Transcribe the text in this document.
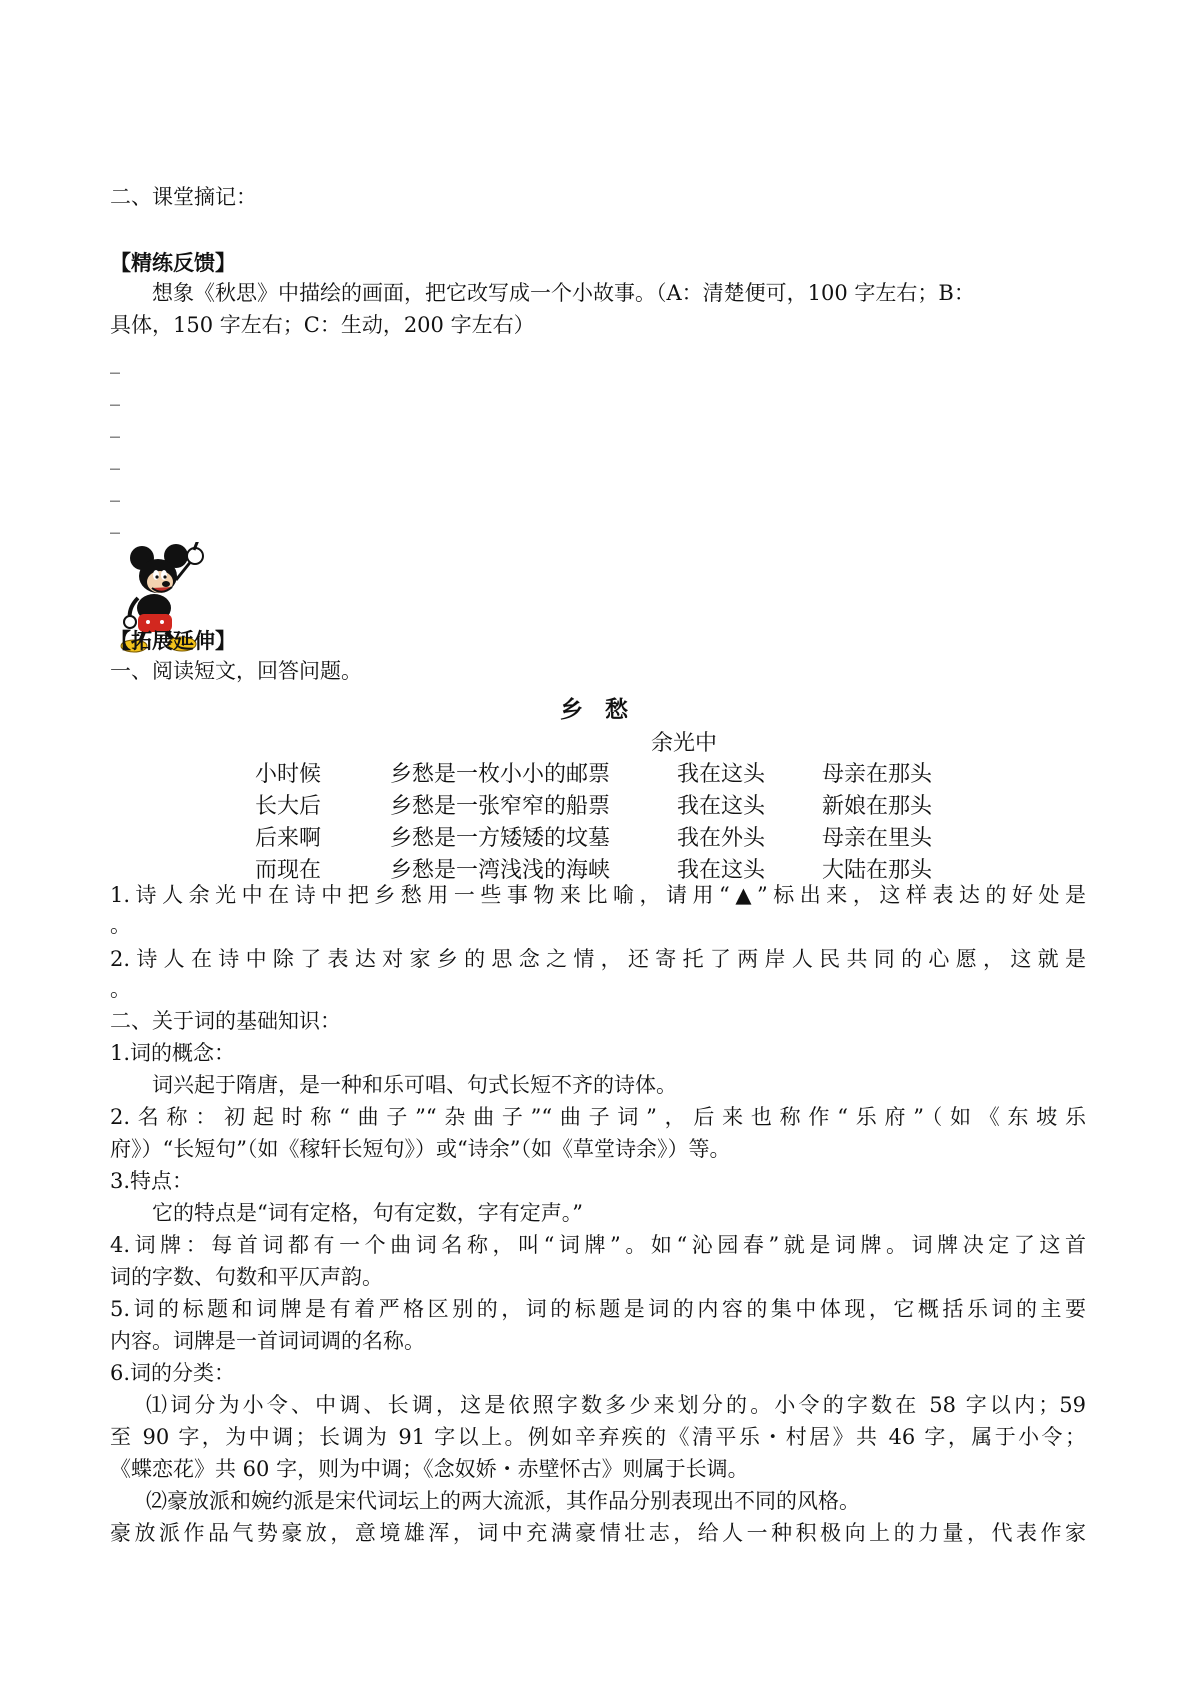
二、课堂摘记：
【精练反馈】
想象《秋思》中描绘的画面，把它改写成一个小故事。（A：清楚便可，100 字左右；B：
具体，150 字左右；C：生动，200 字左右）
_
_
_
_
_
_
【拓展延伸】
一、阅读短文，回答问题。
乡愁
余光中
小时候	乡愁是一枚小小的邮票	我在这头	母亲在那头
长大后	乡愁是一张窄窄的船票	我在这头	新娘在那头
后来啊	乡愁是一方矮矮的坟墓	我在外头	母亲在里头
而现在	乡愁是一湾浅浅的海峡	我在这头	大陆在那头
1.诗人余光中在诗中把乡愁用一些事物来比喻，请用“▲”标出来，这样表达的好处是
。
2.诗人在诗中除了表达对家乡的思念之情，还寄托了两岸人民共同的心愿，这就是
。
二、关于词的基础知识：
1.词的概念：
词兴起于隋唐，是一种和乐可唱、句式长短不齐的诗体。
2.名称：初起时称“曲子”“杂曲子”“曲子词”，后来也称作“乐府”（如《东坡乐
府》）“长短句”（如《稼轩长短句》）或“诗余”（如《草堂诗余》）等。
3.特点：
它的特点是“词有定格，句有定数，字有定声。”
4.词牌：每首词都有一个曲词名称，叫“词牌”。如“沁园春”就是词牌。词牌决定了这首
词的字数、句数和平仄声韵。
5.词的标题和词牌是有着严格区别的，词的标题是词的内容的集中体现，它概括乐词的主要
内容。词牌是一首词词调的名称。
6.词的分类：
⑴词分为小令、中调、长调，这是依照字数多少来划分的。小令的字数在 58 字以内；59
至 90 字，为中调；长调为 91 字以上。例如辛弃疾的《清平乐・村居》共 46 字，属于小令；
《蝶恋花》共 60 字，则为中调；《念奴娇・赤壁怀古》则属于长调。
⑵豪放派和婉约派是宋代词坛上的两大流派，其作品分别表现出不同的风格。
豪放派作品气势豪放，意境雄浑，词中充满豪情壮志，给人一种积极向上的力量，代表作家
